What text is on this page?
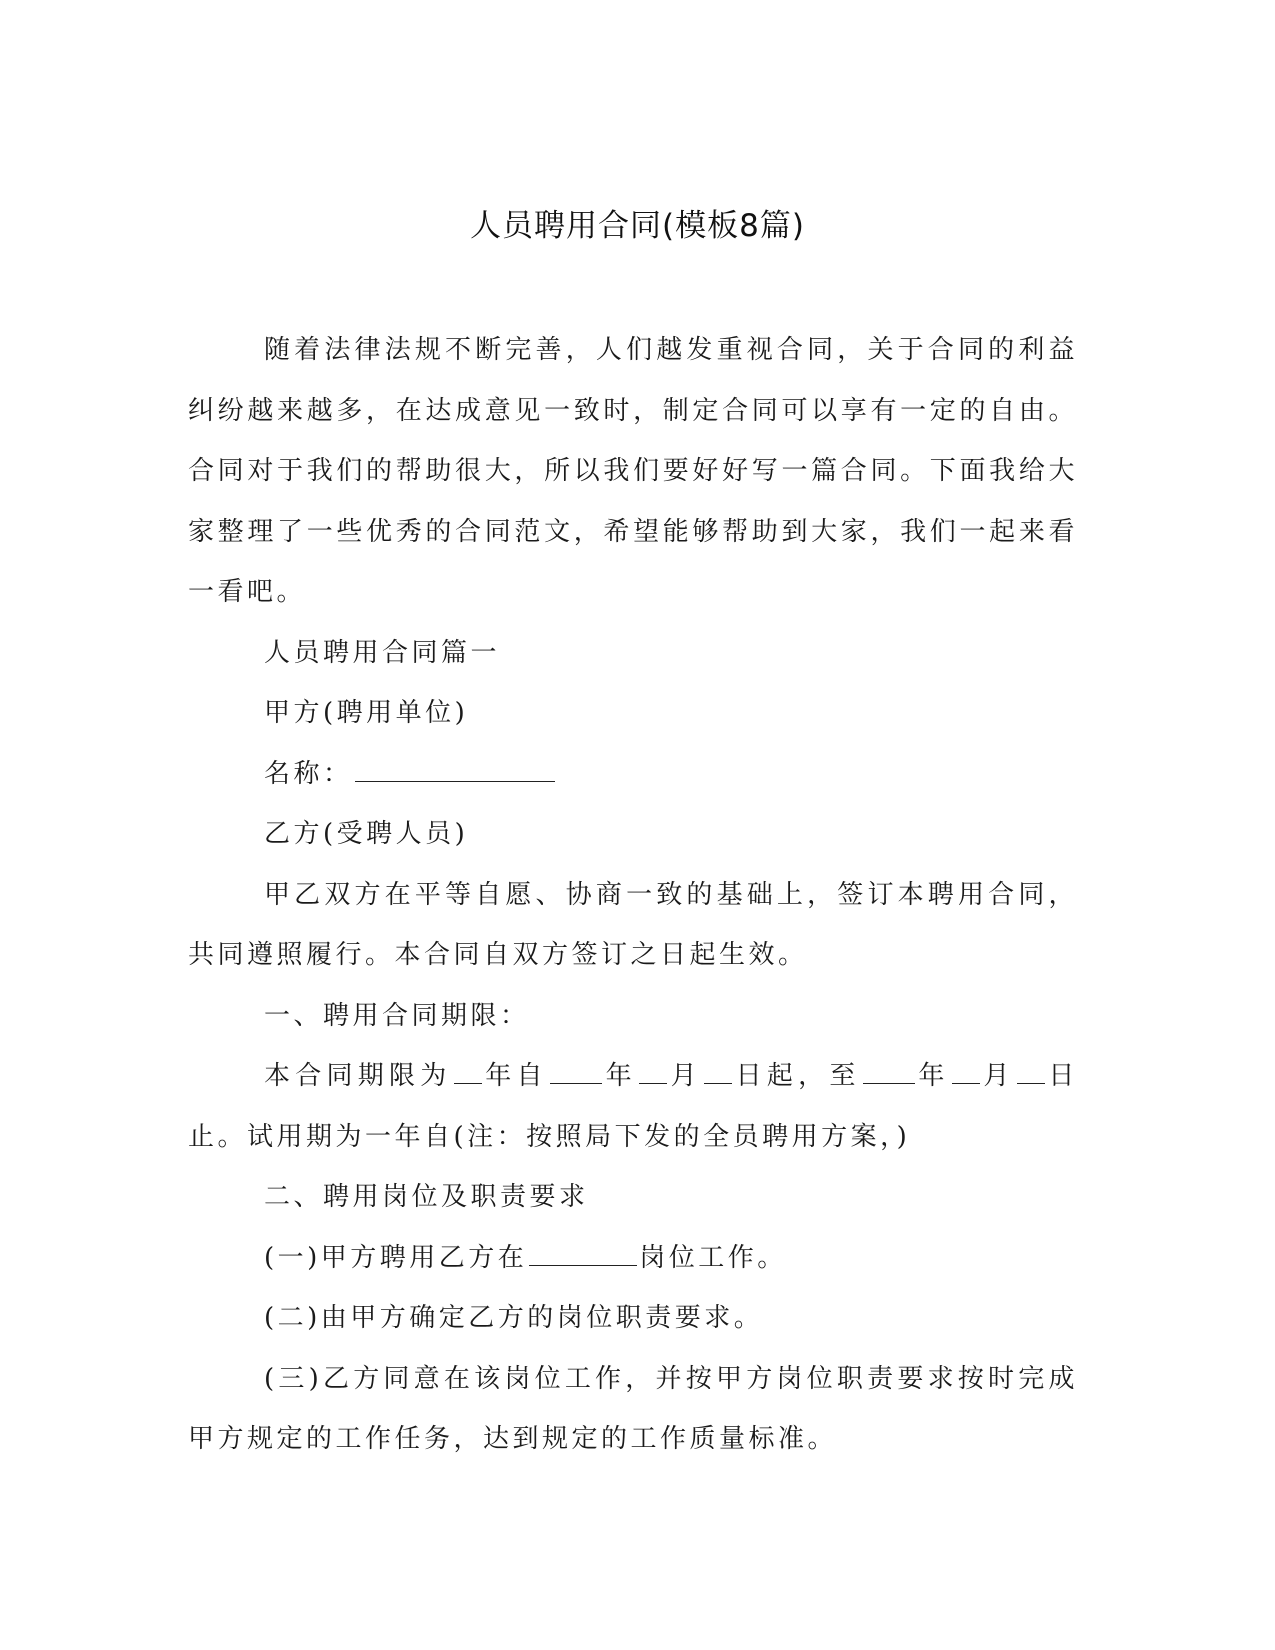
人员聘用合同(模板8篇)

随着法律法规不断完善，人们越发重视合同，关于合同的利益纠纷越来越多，在达成意见一致时，制定合同可以享有一定的自由。合同对于我们的帮助很大，所以我们要好好写一篇合同。下面我给大家整理了一些优秀的合同范文，希望能够帮助到大家，我们一起来看一看吧。

人员聘用合同篇一

甲方(聘用单位)

名称：

乙方(受聘人员)

甲乙双方在平等自愿、协商一致的基础上，签订本聘用合同，共同遵照履行。本合同自双方签订之日起生效。

一、聘用合同期限：

本合同期限为 年自 年 月 日起，至 年 月 日止。试用期为一年自(注：按照局下发的全员聘用方案，)

二、聘用岗位及职责要求

(一)甲方聘用乙方在	岗位工作。

(二)由甲方确定乙方的岗位职责要求。

(三)乙方同意在该岗位工作，并按甲方岗位职责要求按时完成甲方规定的工作任务，达到规定的工作质量标准。
